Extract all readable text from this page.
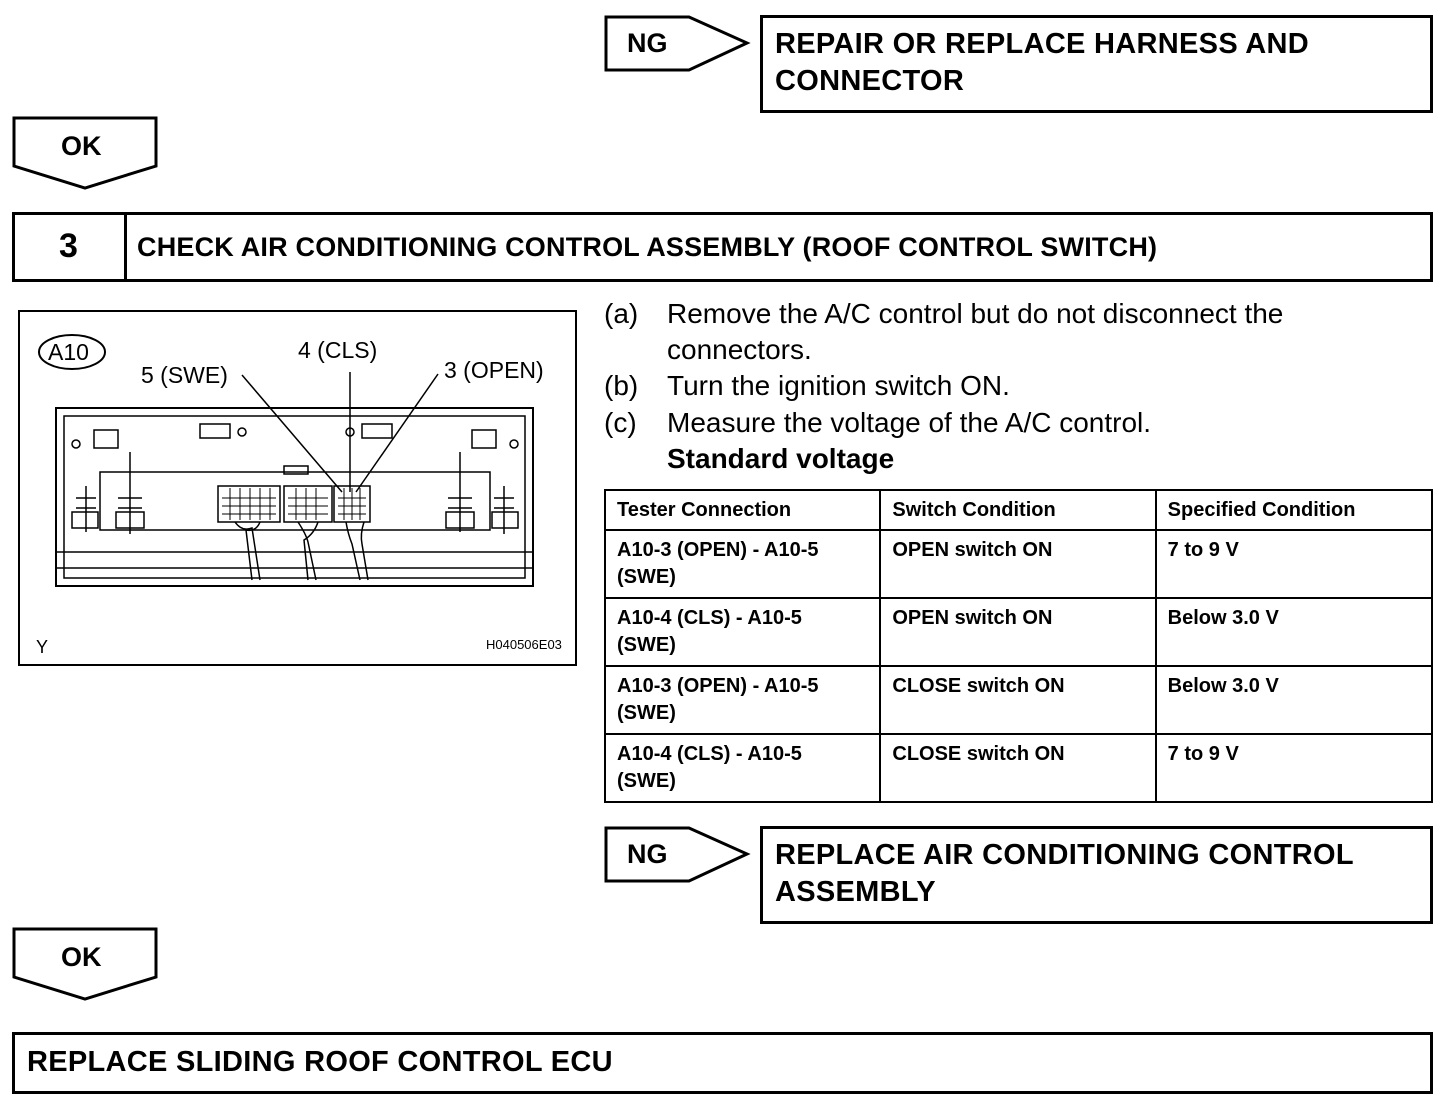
NG	REPAIR OR REPLACE HARNESS AND
CONNECTOR
OK
3 CHECK AIR CONDITIONING CONTROL ASSEMBLY (ROOF CONTROL SWITCH)
A10
5 (SWE)
4 (CLS)
3 (OPEN)
Y	H040506E03
(a) Remove the A/C control but do not disconnect the
connectors.
(b) Turn the ignition switch ON.
(c) Measure the voltage of the A/C control.
Standard voltage
Tester Connection	Switch Condition	Specified Condition
A10-3 (OPEN) - A10-5
(SWE)	OPEN switch ON	7 to 9 V
A10-4 (CLS) - A10-5
(SWE)	OPEN switch ON	Below 3.0 V
A10-3 (OPEN) - A10-5
(SWE)	CLOSE switch ON	Below 3.0 V
A10-4 (CLS) - A10-5
(SWE)	CLOSE switch ON	7 to 9 V
NG	REPLACE AIR CONDITIONING CONTROL
ASSEMBLY
OK
REPLACE SLIDING ROOF CONTROL ECU
